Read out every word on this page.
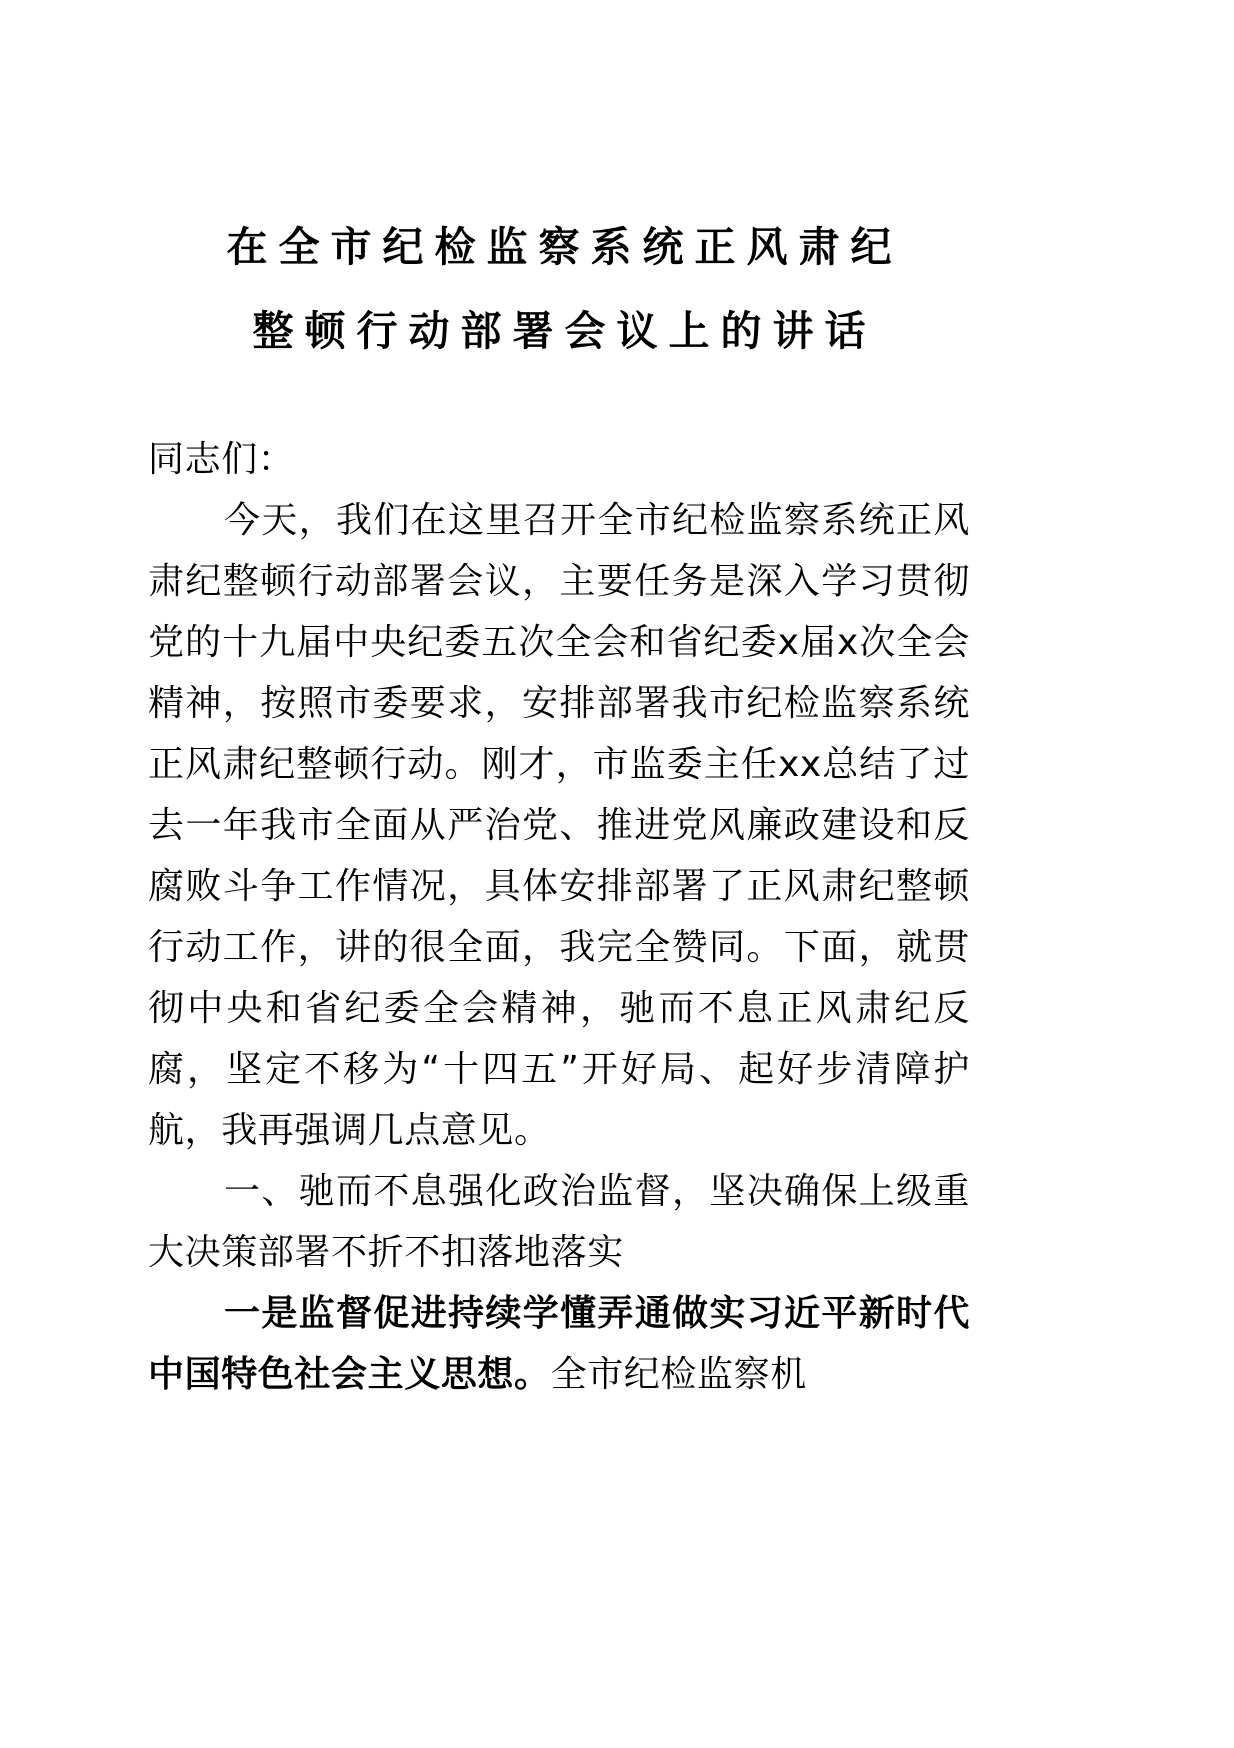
在全市纪检监察系统正风肃纪
整顿行动部署会议上的讲话

同志们：

今天，我们在这里召开全市纪检监察系统正风肃纪整顿行动部署会议，主要任务是深入学习贯彻党的十九届中央纪委五次全会和省纪委x届x次全会精神，按照市委要求，安排部署我市纪检监察系统正风肃纪整顿行动。刚才，市监委主任xx总结了过去一年我市全面从严治党、推进党风廉政建设和反腐败斗争工作情况，具体安排部署了正风肃纪整顿行动工作，讲的很全面，我完全赞同。下面，就贯彻中央和省纪委全会精神，驰而不息正风肃纪反腐，坚定不移为“十四五”开好局、起好步清障护航，我再强调几点意见。

一、驰而不息强化政治监督，坚决确保上级重大决策部署不折不扣落地落实

一是监督促进持续学懂弄通做实习近平新时代中国特色社会主义思想。全市纪检监察机
